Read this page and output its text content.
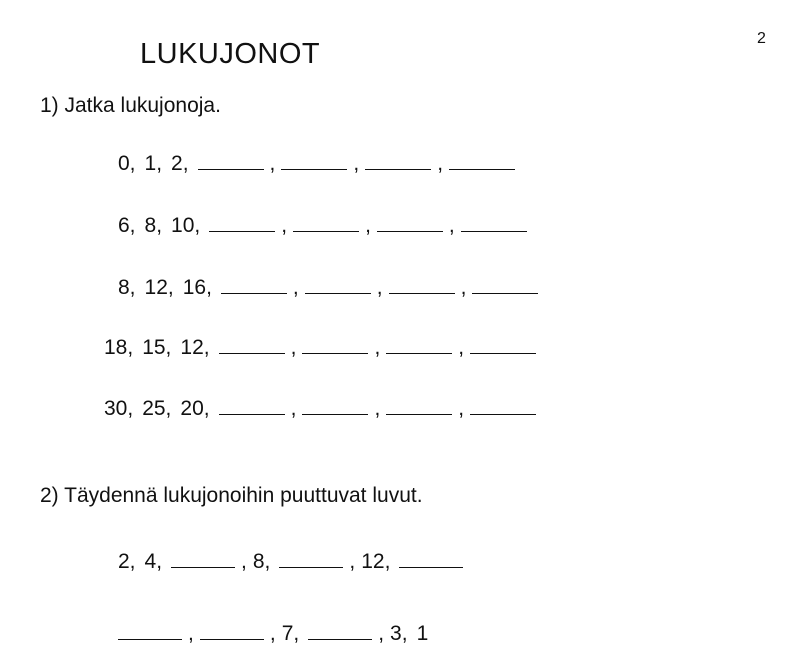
2
LUKUJONOT

1) Jatka lukujonoja.

0, 1, 2,	,	,	,
6, 8, 10,	,	,	,
8, 12, 16,	,	,	,
18, 15, 12,	,	,	,
30, 25, 20,	,	,	,

2) Täydennä lukujonoihin puuttuvat luvut.

2, 4,	, 8,	, 12,
,	, 7,	, 3, 1
